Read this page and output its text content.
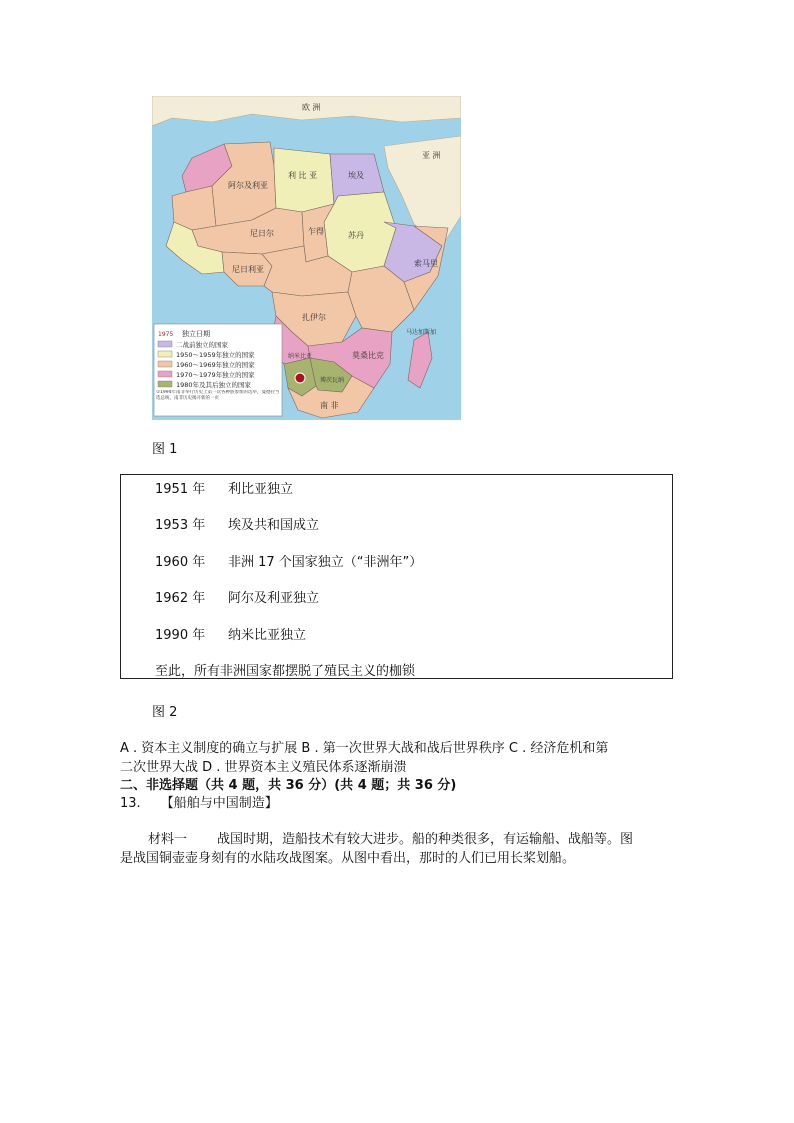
欧 洲
亚 洲
埃及
苏丹
利 比 亚
阿尔及利亚
尼日尔	乍得
尼日利亚
扎伊尔
莫桑比克
索马里
南 非
纳米比亚
博茨瓦纳
马达加斯加
1975 独立日期
二战前独立的国家
1950～1959年独立的国家
1960～1969年独立的国家
1970～1979年独立的国家
1980年及其后独立的国家
①1994年南非举行历史上第一次各种族参加的选举，曼德拉当选总统，南非历史揭开新的一页
图 1
1951 年 利比亚独立
1953 年 埃及共和国成立
1960 年 非洲 17 个国家独立（“非洲年”）
1962 年 阿尔及利亚独立
1990 年 纳米比亚独立
至此，所有非洲国家都摆脱了殖民主义的枷锁
图 2
A . 资本主义制度的确立与扩展 B . 第一次世界大战和战后世界秩序 C . 经济危机和第
二次世界大战 D . 世界资本主义殖民体系逐渐崩溃
二、非选择题（共 4 题，共 36 分）(共 4 题；共 36 分)
13. 【船舶与中国制造】
材料一 战国时期，造船技术有较大进步。船的种类很多，有运输船、战船等。图
是战国铜壶壶身刻有的水陆攻战图案。从图中看出，那时的人们已用长桨划船。
